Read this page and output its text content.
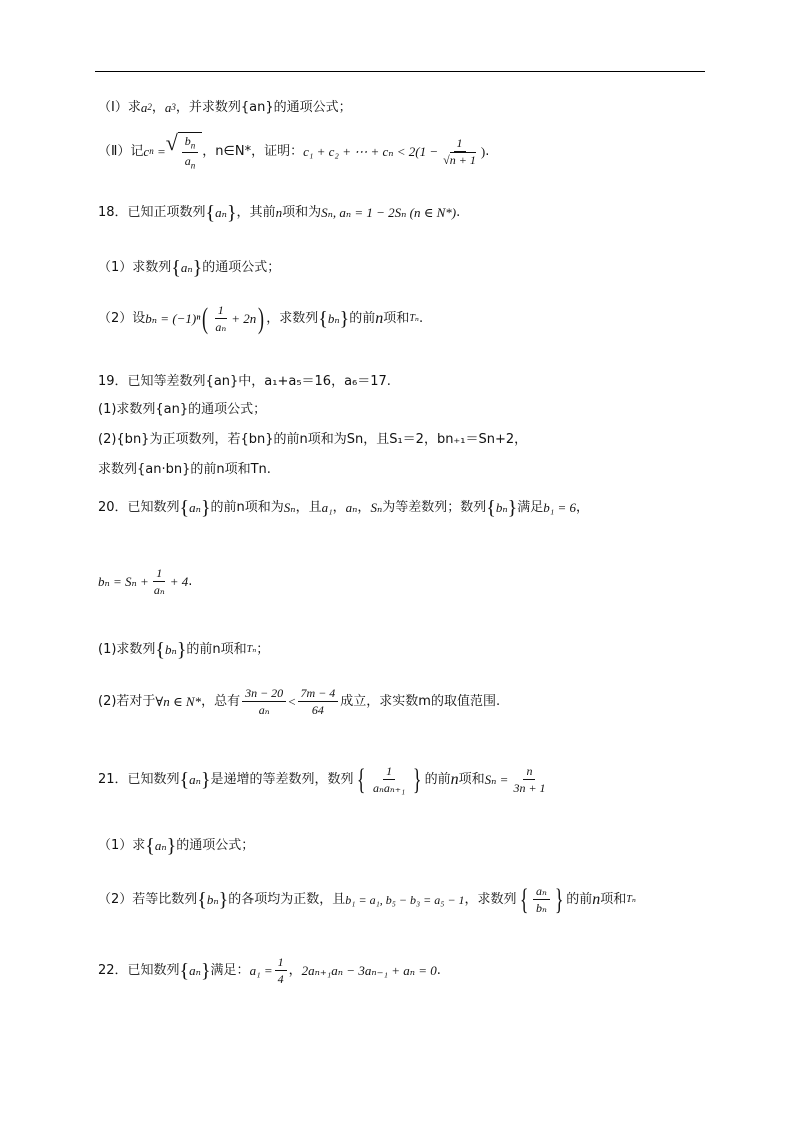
（Ⅰ）求 a 2 ， a 3 ，并求数列{an}的通项公式；
（Ⅱ）记 c n
= √ $\frac{b_n}{a_n}$ ，n∈N*，证明： c₁ + c₂ + ⋯ + $c_n < 2(1 - \frac{1}{√n + 1}$ ) .
18．已知正项数列 { aₙ } ，其前 n 项和为 Sₙ, aₙ = 1 − 2Sₙ (n ∈ N*) .
（1）求数列 { aₙ } 的通项公式；
（2）设 bₙ = (−1)ⁿ ( $\frac{1}{\text{aₙ}} + 2n$ ) ，求数列 { bₙ } 的前 n 项和 Tₙ .
19．已知等差数列{an}中，a₁+a₅＝16，a₆＝17.
(1)求数列{an}的通项公式；
(2){bn}为正项数列，若{bn}的前n项和为Sn，且S₁＝2，bn₊₁＝Sn+2，
求数列{an·bn}的前n项和Tn.
20．已知数列 { aₙ } 的前n项和为 Sₙ ，且 a₁ ， aₙ ， Sₙ 为等差数列；数列 { bₙ } 满足 b₁ = 6 ，
$b_n = S_n + \frac{1}{\text{aₙ}} + 4$ .
(1)求数列 { bₙ } 的前n项和 Tₙ ；
(2)若对于 ∀n ∈ N* ，总有 $\frac{3n - 20}{\text{aₙ}} < \frac{7m - 4}{64}$ 成立，求实数m的取值范围.
21．已知数列 { aₙ } 是递增的等差数列，数列 { $\frac{1}{\text{aₙaₙ₊₁}}$ } 的前 n 项和 $S_n = \frac{n}{3n + 1}$
（1）求 { aₙ } 的通项公式；
（2）若等比数列 { bₙ } 的各项均为正数，且 b₁ = a₁, b₅ − b₃ = a₅ − 1 ，求数列 { $\frac{\text{aₙ}}{\text{bₙ}}$ } 的前 n 项和 Tₙ
22．已知数列 { aₙ } 满足： $a_1 = \frac{1}{4}$ ， 2aₙ₊₁aₙ − 3aₙ₋₁ + aₙ = 0 .
